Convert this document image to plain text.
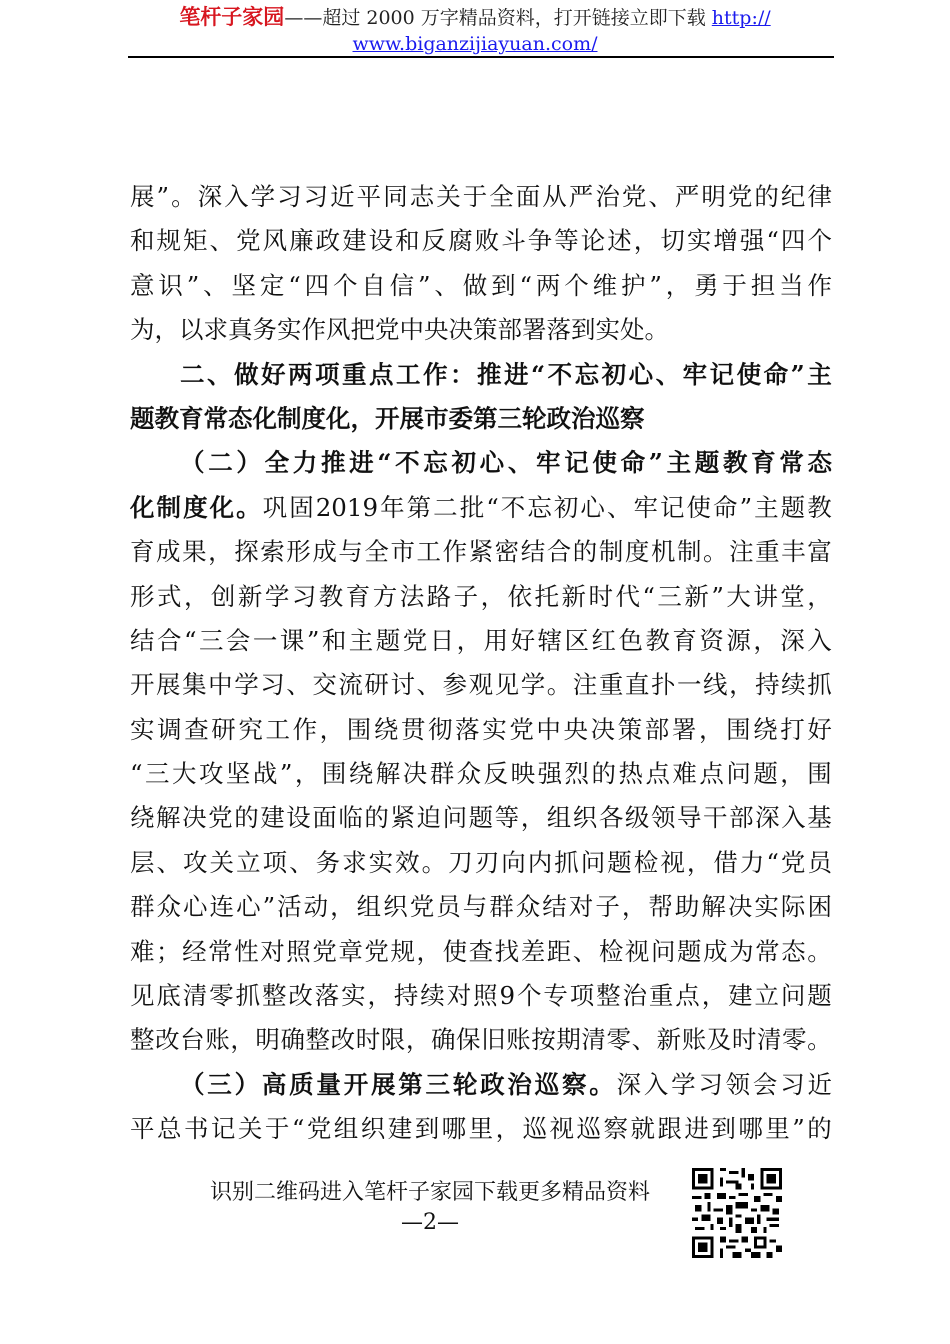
笔杆子家园——超过 2000 万字精品资料，打开链接立即下载 http://
www.biganzijiayuan.com/
展 ” 。 深 入 学 习 习 近 平 同 志 关 于 全 面 从 严 治 党 、 严 明 党 的 纪 律
和 规 矩 、 党 风 廉 政 建 设 和 反 腐 败 斗 争 等 论 述 ， 切 实 增 强 “ 四 个
意 识 ” 、 坚 定 “ 四 个 自 信 ” 、 做 到 “ 两 个 维 护 ” ， 勇 于 担 当 作
为 ， 以 求 真 务 实 作 风 把 党 中 央 决 策 部 署 落 到 实 处 。
二 、 做 好 两 项 重 点 工 作 ： 推 进 “ 不 忘 初 心 、 牢 记 使 命 ” 主
题 教 育 常 态 化 制 度 化 ， 开 展 市 委 第 三 轮 政 治 巡 察
（ 二 ） 全 力 推 进 “ 不 忘 初 心 、 牢 记 使 命 ” 主 题 教 育 常 态
化 制 度 化 。 巩 固 2019 年 第 二 批 “ 不 忘 初 心 、 牢 记 使 命 ” 主 题 教
育 成 果 ， 探 索 形 成 与 全 市 工 作 紧 密 结 合 的 制 度 机 制 。 注 重 丰 富
形 式 ， 创 新 学 习 教 育 方 法 路 子 ， 依 托 新 时 代 “ 三 新 ” 大 讲 堂 ，
结 合 “ 三 会 一 课 ” 和 主 题 党 日 ， 用 好 辖 区 红 色 教 育 资 源 ， 深 入
开 展 集 中 学 习 、 交 流 研 讨 、 参 观 见 学 。 注 重 直 扑 一 线 ， 持 续 抓
实 调 查 研 究 工 作 ， 围 绕 贯 彻 落 实 党 中 央 决 策 部 署 ， 围 绕 打 好
“ 三 大 攻 坚 战 ” ， 围 绕 解 决 群 众 反 映 强 烈 的 热 点 难 点 问 题 ， 围
绕 解 决 党 的 建 设 面 临 的 紧 迫 问 题 等 ， 组 织 各 级 领 导 干 部 深 入 基
层 、 攻 关 立 项 、 务 求 实 效 。 刀 刃 向 内 抓 问 题 检 视 ， 借 力 “ 党 员
群 众 心 连 心 ” 活 动 ， 组 织 党 员 与 群 众 结 对 子 ， 帮 助 解 决 实 际 困
难 ； 经 常 性 对 照 党 章 党 规 ， 使 查 找 差 距 、 检 视 问 题 成 为 常 态 。
见 底 清 零 抓 整 改 落 实 ， 持 续 对 照 9 个 专 项 整 治 重 点 ， 建 立 问 题
整 改 台 账 ， 明 确 整 改 时 限 ， 确 保 旧 账 按 期 清 零 、 新 账 及 时 清 零 。
（ 三 ） 高 质 量 开 展 第 三 轮 政 治 巡 察 。 深 入 学 习 领 会 习 近
平 总 书 记 关 于 “ 党 组 织 建 到 哪 里 ， 巡 视 巡 察 就 跟 进 到 哪 里 ” 的
识别二维码进入笔杆子家园下载更多精品资料
—2—
